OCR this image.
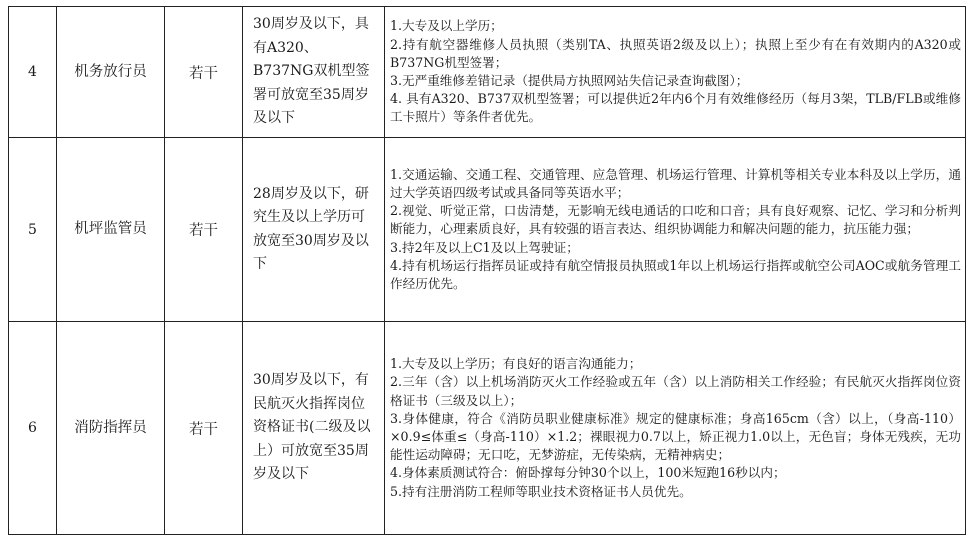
4	机务放行员	若干	30周岁及以下，具有A320、B737NG双机型签署可放宽至35周岁及以下	1.大专及以上学历；
2.持有航空器维修人员执照（类别TA、执照英语2级及以上）；执照上至少有在有效期内的A320或B737NG机型签署；
3.无严重维修差错记录（提供局方执照网站失信记录查询截图）；
4. 具有A320、B737双机型签署；可以提供近2年内6个月有效维修经历（每月3架，TLB/FLB或维修工卡照片）等条件者优先。

5	机坪监管员	若干	28周岁及以下，研究生及以上学历可放宽至30周岁及以下	1.交通运输、交通工程、交通管理、应急管理、机场运行管理、计算机等相关专业本科及以上学历，通过大学英语四级考试或具备同等英语水平；
2.视觉、听觉正常，口齿清楚，无影响无线电通话的口吃和口音；具有良好观察、记忆、学习和分析判断能力，心理素质良好，具有较强的语言表达、组织协调能力和解决问题的能力，抗压能力强；
3.持2年及以上C1及以上驾驶证；
4.持有机场运行指挥员证或持有航空情报员执照或1年以上机场运行指挥或航空公司AOC或航务管理工作经历优先。

6	消防指挥员	若干	30周岁及以下，有民航灭火指挥岗位资格证书(二级及以上）可放宽至35周岁及以下	1.大专及以上学历；有良好的语言沟通能力；
2.三年（含）以上机场消防灭火工作经验或五年（含）以上消防相关工作经验；有民航灭火指挥岗位资格证书（三级及以上）；
3.身体健康，符合《消防员职业健康标准》规定的健康标准；身高165cm（含）以上，（身高-110）×0.9≤体重≤（身高-110）×1.2；裸眼视力0.7以上，矫正视力1.0以上，无色盲；身体无残疾，无功能性运动障碍；无口吃，无梦游症，无传染病，无精神病史；
4.身体素质测试符合：俯卧撑每分钟30个以上，100米短跑16秒以内；
5.持有注册消防工程师等职业技术资格证书人员优先。
